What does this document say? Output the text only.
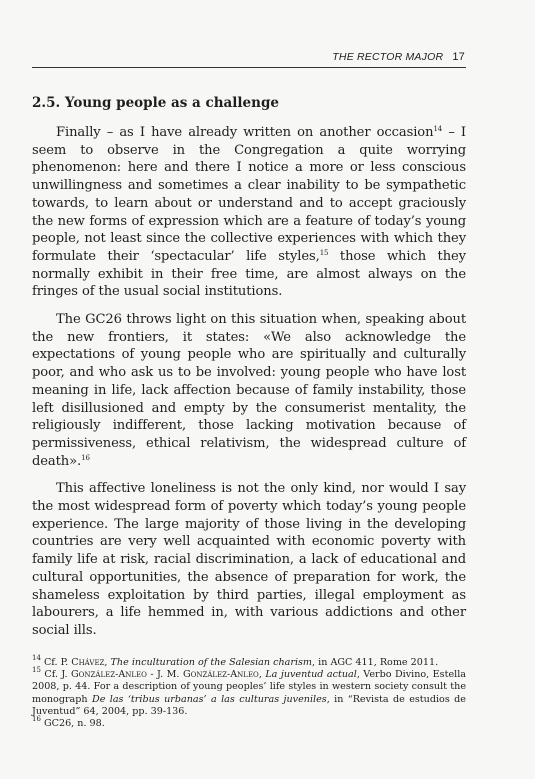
THE RECTOR MAJOR 17
2.5. Young people as a challenge

Finally – as I have already written on another occasion$^{14}$ – I seem to observe in the Congregation a quite worrying phenomenon: here and there I notice a more or less conscious unwillingness and sometimes a clear inability to be sympathetic towards, to learn about or understand and to accept graciously the new forms of expression which are a feature of today’s young people, not least since the collective experiences with which they formulate their ‘spectacular’ life styles,$^{15}$ those which they normally exhibit in their free time, are almost always on the fringes of the usual social institutions.

The GC26 throws light on this situation when, speaking about the new frontiers, it states: «We also acknowledge the expectations of young people who are spiritually and culturally poor, and who ask us to be involved: young people who have lost meaning in life, lack affection because of family instability, those left disillusioned and empty by the consumerist mentality, the religiously indifferent, those lacking motivation because of permissiveness, ethical relativism, the widespread culture of death».$^{16}$

This affective loneliness is not the only kind, nor would I say the most widespread form of poverty which today’s young people experience. The large majority of those living in the developing countries are very well acquainted with economic poverty with family life at risk, racial discrimination, a lack of educational and cultural opportunities, the absence of preparation for work, the shameless exploitation by third parties, illegal employment as labourers, a life hemmed in, with various addictions and other social ills.

$^{14}$ Cf. P. Chávez, The inculturation of the Salesian charism, in AGC 411, Rome 2011.

$^{15}$ Cf. J. González-Anleo - J. M. González-Anleo, La juventud actual, Verbo Divino, Estella 2008, p. 44. For a description of young peoples’ life styles in western society consult the monograph De las ‘tribus urbanas’ a las culturas juveniles, in “Revista de estudios de Juventud” 64, 2004, pp. 39-136.

$^{16}$ GC26, n. 98.
